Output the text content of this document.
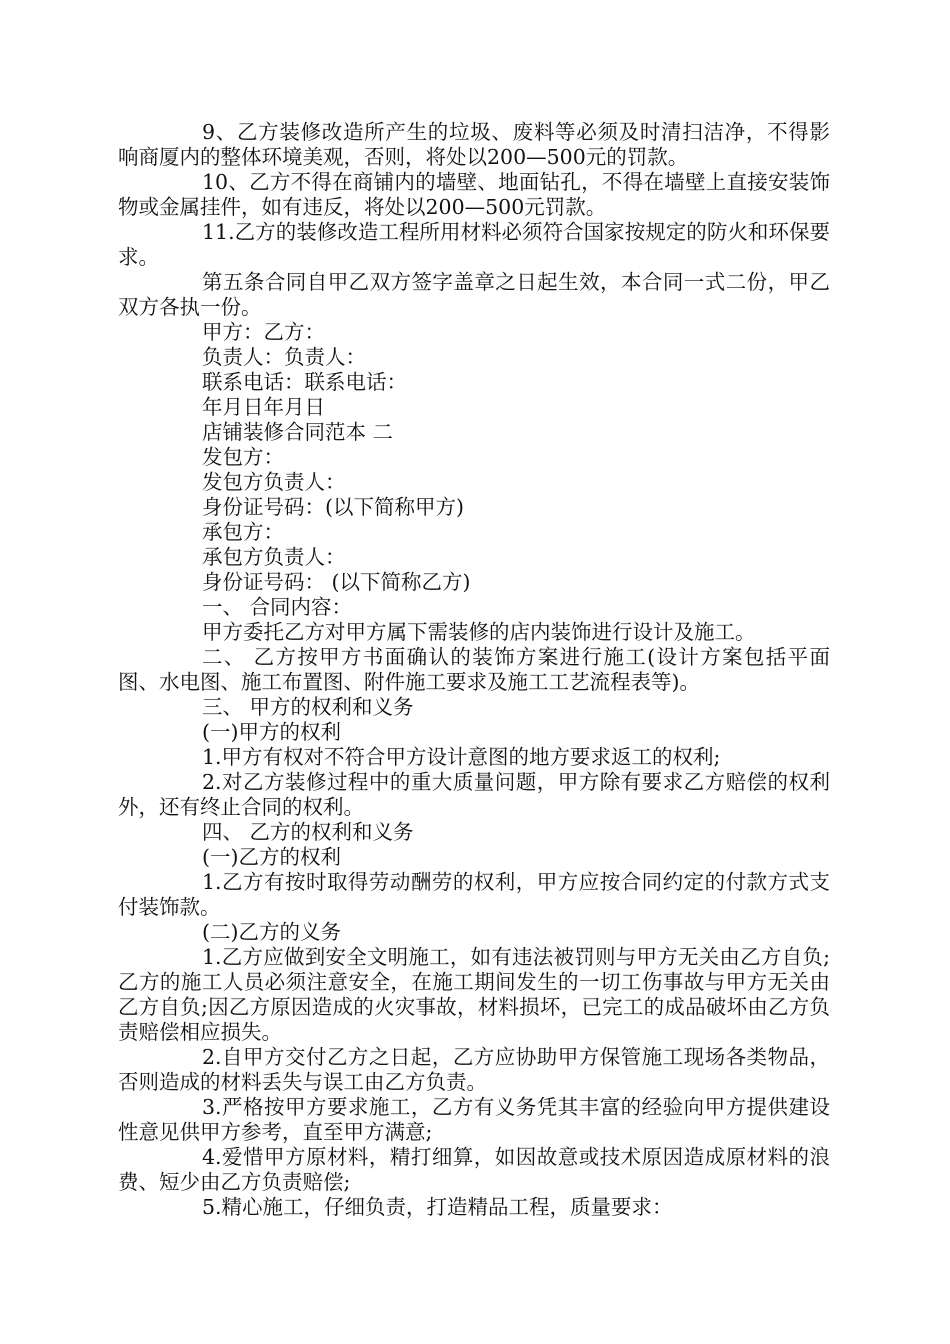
9、乙方装修改造所产生的垃圾、废料等必须及时清扫洁净，不得影响商厦内的整体环境美观，否则，将处以200—500元的罚款。

10、乙方不得在商铺内的墙壁、地面钻孔，不得在墙壁上直接安装饰物或金属挂件，如有违反，将处以200—500元罚款。

11.乙方的装修改造工程所用材料必须符合国家按规定的防火和环保要求。

第五条合同自甲乙双方签字盖章之日起生效，本合同一式二份，甲乙双方各执一份。

甲方：乙方：

负责人：负责人：

联系电话：联系电话：

年月日年月日

店铺装修合同范本 二

发包方：

发包方负责人：

身份证号码：(以下简称甲方)

承包方：

承包方负责人：

身份证号码： (以下简称乙方)

一、 合同内容：

甲方委托乙方对甲方属下需装修的店内装饰进行设计及施工。

二、 乙方按甲方书面确认的装饰方案进行施工(设计方案包括平面图、水电图、施工布置图、附件施工要求及施工工艺流程表等)。

三、 甲方的权利和义务

(一)甲方的权利

1.甲方有权对不符合甲方设计意图的地方要求返工的权利;

2.对乙方装修过程中的重大质量问题，甲方除有要求乙方赔偿的权利外，还有终止合同的权利。

四、 乙方的权利和义务

(一)乙方的权利

1.乙方有按时取得劳动酬劳的权利，甲方应按合同约定的付款方式支付装饰款。

(二)乙方的义务

1.乙方应做到安全文明施工，如有违法被罚则与甲方无关由乙方自负;乙方的施工人员必须注意安全，在施工期间发生的一切工伤事故与甲方无关由乙方自负;因乙方原因造成的火灾事故，材料损坏，已完工的成品破坏由乙方负责赔偿相应损失。

2.自甲方交付乙方之日起，乙方应协助甲方保管施工现场各类物品，否则造成的材料丢失与误工由乙方负责。

3.严格按甲方要求施工，乙方有义务凭其丰富的经验向甲方提供建设性意见供甲方参考，直至甲方满意;

4.爱惜甲方原材料，精打细算，如因故意或技术原因造成原材料的浪费、短少由乙方负责赔偿;

5.精心施工，仔细负责，打造精品工程，质量要求：
